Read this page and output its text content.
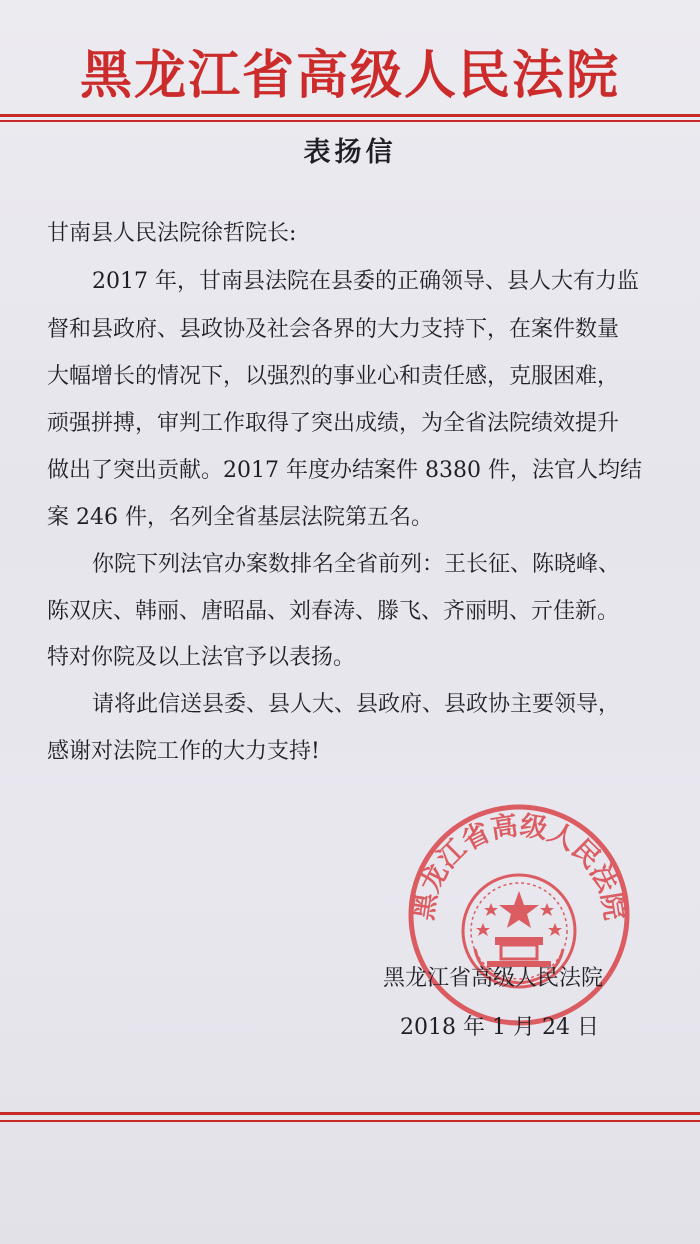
黑龙江省高级人民法院
表扬信
甘南县人民法院徐哲院长:
2017 年，甘南县法院在县委的正确领导、县人大有力监
督和县政府、县政协及社会各界的大力支持下，在案件数量
大幅增长的情况下，以强烈的事业心和责任感，克服困难，
顽强拼搏，审判工作取得了突出成绩，为全省法院绩效提升
做出了突出贡献。2017 年度办结案件 8380 件，法官人均结
案 246 件，名列全省基层法院第五名。
你院下列法官办案数排名全省前列：王长征、陈晓峰、
陈双庆、韩丽、唐昭晶、刘春涛、滕飞、齐丽明、亓佳新。
特对你院及以上法官予以表扬。
请将此信送县委、县人大、县政府、县政协主要领导，
感谢对法院工作的大力支持!
黑龙江省高级人民法院
黑龙江省高级人民法院
2018 年 1 月 24 日
